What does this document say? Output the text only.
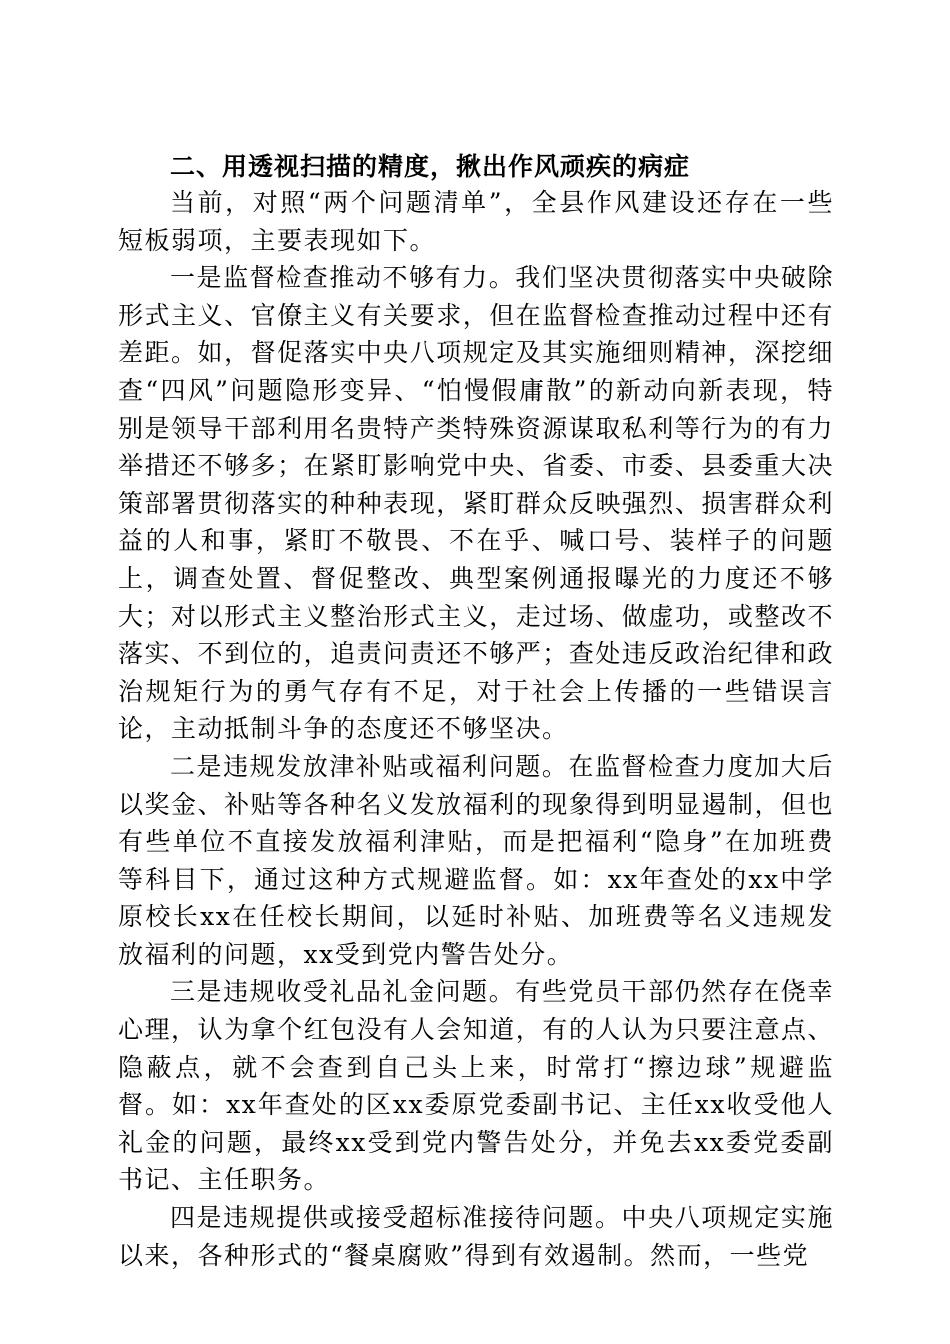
二、用透视扫描的精度，揪出作风顽疾的病症

当前，对照“两个问题清单”，全县作风建设还存在一些短板弱项，主要表现如下。

一是监督检查推动不够有力。我们坚决贯彻落实中央破除形式主义、官僚主义有关要求，但在监督检查推动过程中还有差距。如，督促落实中央八项规定及其实施细则精神，深挖细查“四风”问题隐形变异、“怕慢假庸散”的新动向新表现，特别是领导干部利用名贵特产类特殊资源谋取私利等行为的有力举措还不够多；在紧盯影响党中央、省委、市委、县委重大决策部署贯彻落实的种种表现，紧盯群众反映强烈、损害群众利益的人和事，紧盯不敬畏、不在乎、喊口号、装样子的问题上，调查处置、督促整改、典型案例通报曝光的力度还不够大；对以形式主义整治形式主义，走过场、做虚功，或整改不落实、不到位的，追责问责还不够严；查处违反政治纪律和政治规矩行为的勇气存有不足，对于社会上传播的一些错误言论，主动抵制斗争的态度还不够坚决。

二是违规发放津补贴或福利问题。在监督检查力度加大后以奖金、补贴等各种名义发放福利的现象得到明显遏制，但也有些单位不直接发放福利津贴，而是把福利“隐身”在加班费等科目下，通过这种方式规避监督。如：xx年查处的xx中学原校长xx在任校长期间，以延时补贴、加班费等名义违规发放福利的问题，xx受到党内警告处分。

三是违规收受礼品礼金问题。有些党员干部仍然存在侥幸心理，认为拿个红包没有人会知道，有的人认为只要注意点、隐蔽点，就不会查到自己头上来，时常打“擦边球”规避监督。如：xx年查处的区xx委原党委副书记、主任xx收受他人礼金的问题，最终xx受到党内警告处分，并免去xx委党委副书记、主任职务。

四是违规提供或接受超标准接待问题。中央八项规定实施以来，各种形式的“餐桌腐败”得到有效遏制。然而，一些党
